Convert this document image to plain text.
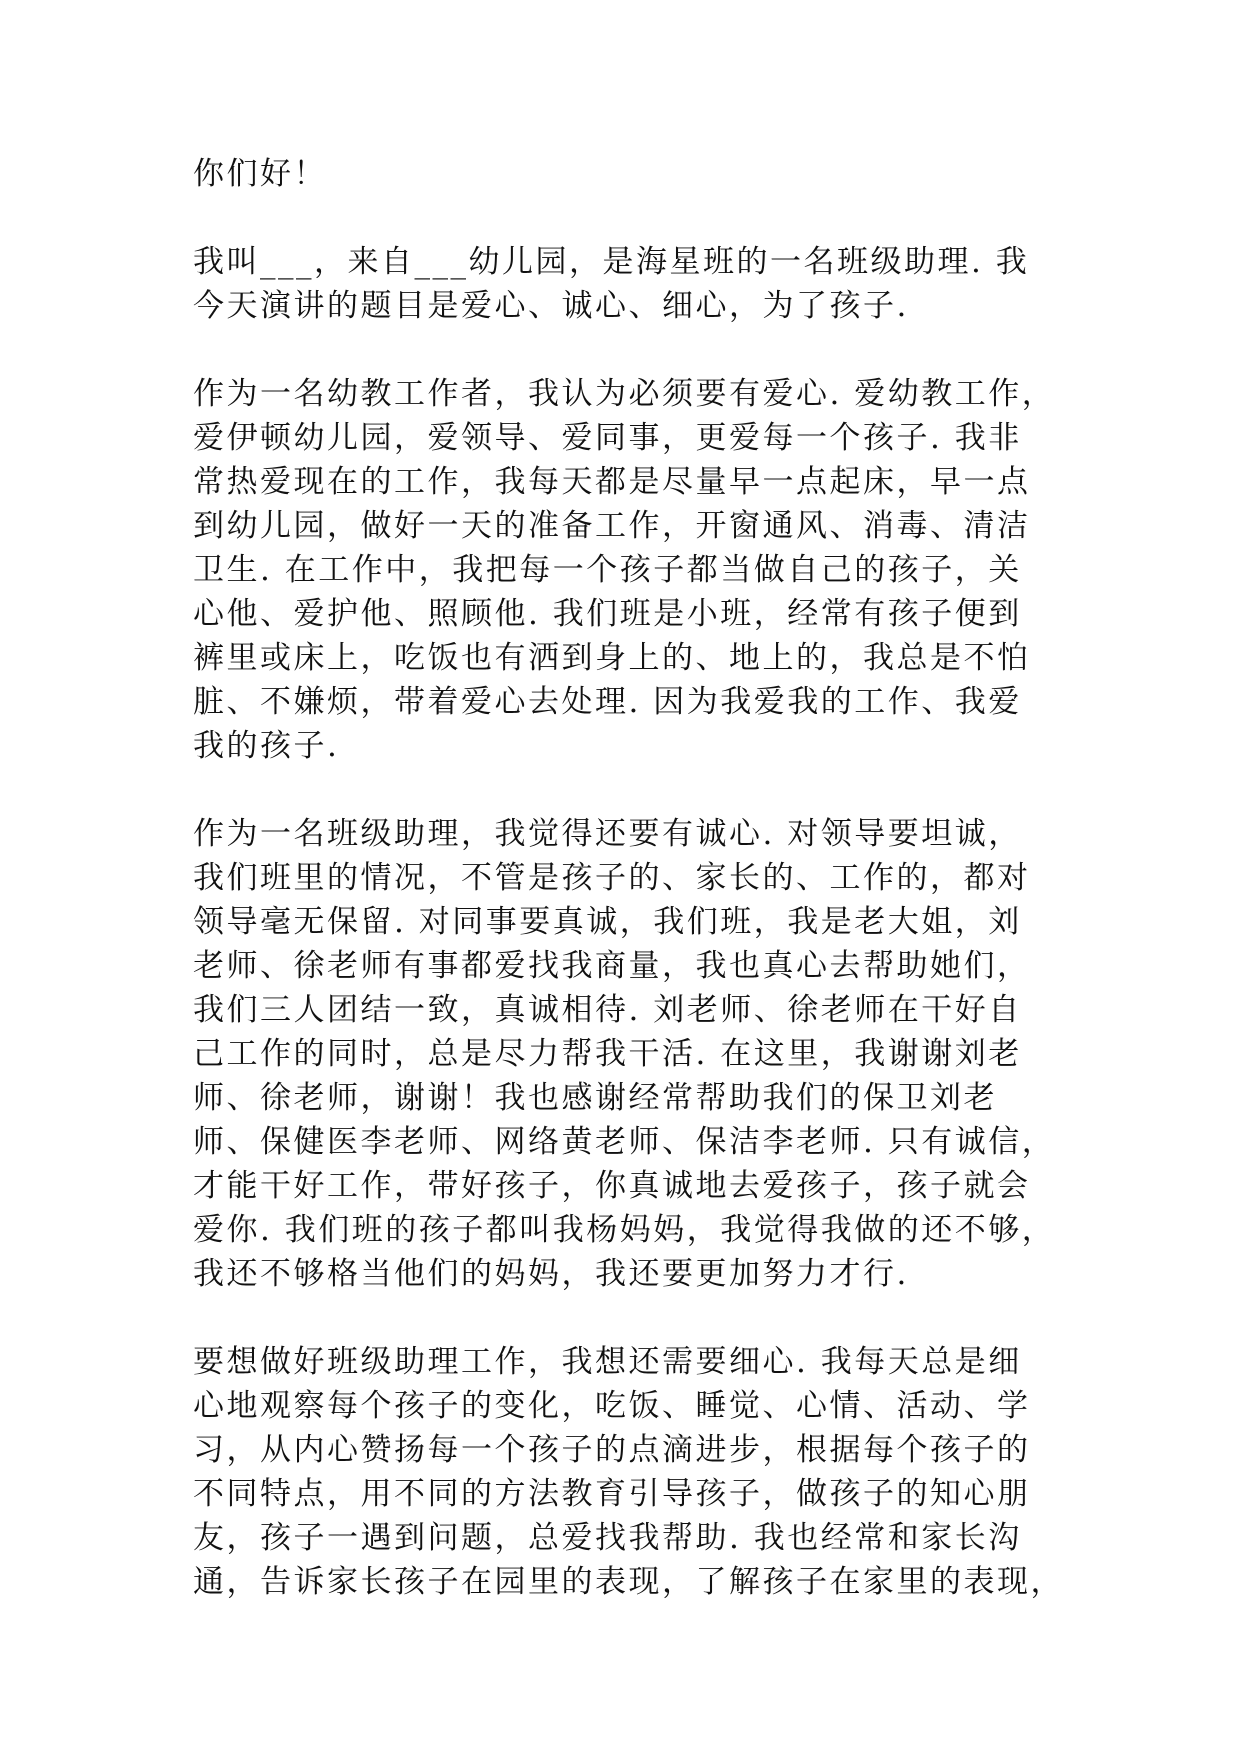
你们好！
我叫___，来自___幼儿园，是海星班的一名班级助理. 我
今天演讲的题目是爱心、诚心、细心，为了孩子.
作为一名幼教工作者，我认为必须要有爱心. 爱幼教工作，
爱伊顿幼儿园，爱领导、爱同事，更爱每一个孩子. 我非
常热爱现在的工作，我每天都是尽量早一点起床，早一点
到幼儿园，做好一天的准备工作，开窗通风、消毒、清洁
卫生. 在工作中，我把每一个孩子都当做自己的孩子，关
心他、爱护他、照顾他. 我们班是小班，经常有孩子便到
裤里或床上，吃饭也有洒到身上的、地上的，我总是不怕
脏、不嫌烦，带着爱心去处理. 因为我爱我的工作、我爱
我的孩子.
作为一名班级助理，我觉得还要有诚心. 对领导要坦诚，
我们班里的情况，不管是孩子的、家长的、工作的，都对
领导毫无保留. 对同事要真诚，我们班，我是老大姐，刘
老师、徐老师有事都爱找我商量，我也真心去帮助她们，
我们三人团结一致，真诚相待. 刘老师、徐老师在干好自
己工作的同时，总是尽力帮我干活. 在这里，我谢谢刘老
师、徐老师，谢谢！我也感谢经常帮助我们的保卫刘老
师、保健医李老师、网络黄老师、保洁李老师. 只有诚信，
才能干好工作，带好孩子，你真诚地去爱孩子，孩子就会
爱你. 我们班的孩子都叫我杨妈妈，我觉得我做的还不够，
我还不够格当他们的妈妈，我还要更加努力才行.
要想做好班级助理工作，我想还需要细心. 我每天总是细
心地观察每个孩子的变化，吃饭、睡觉、心情、活动、学
习，从内心赞扬每一个孩子的点滴进步，根据每个孩子的
不同特点，用不同的方法教育引导孩子，做孩子的知心朋
友，孩子一遇到问题，总爱找我帮助. 我也经常和家长沟
通，告诉家长孩子在园里的表现，了解孩子在家里的表现，
